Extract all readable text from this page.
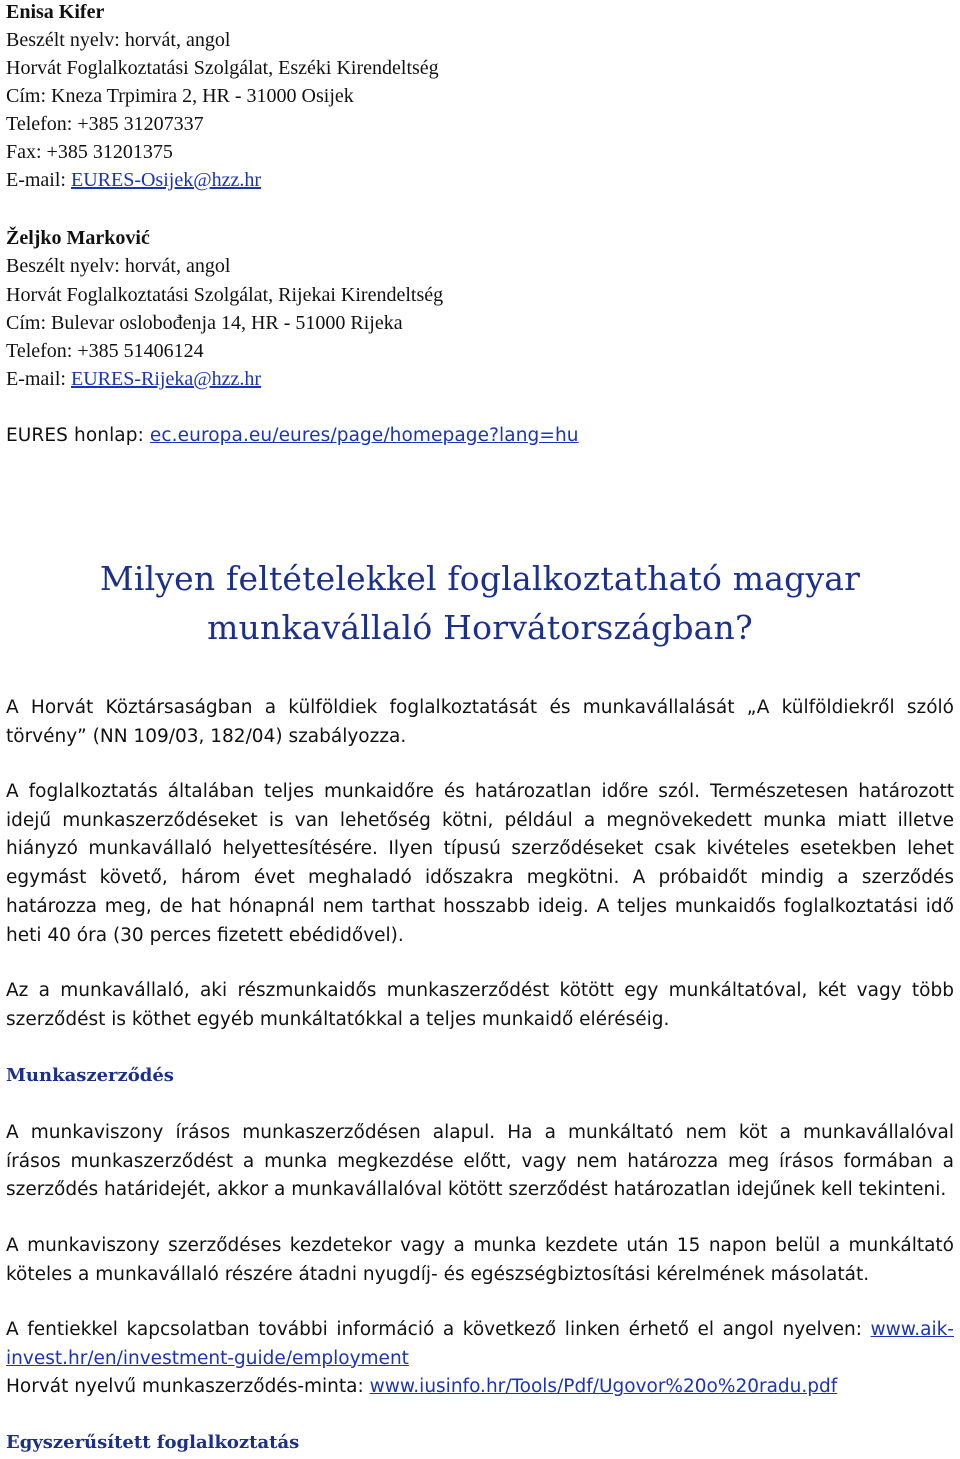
Enisa Kifer
Beszélt nyelv: horvát, angol
Horvát Foglalkoztatási Szolgálat, Eszéki Kirendeltség
Cím: Kneza Trpimira 2, HR - 31000 Osijek
Telefon: +385 31207337
Fax: +385 31201375
E-mail: EURES-Osijek@hzz.hr
Željko Marković
Beszélt nyelv: horvát, angol
Horvát Foglalkoztatási Szolgálat, Rijekai Kirendeltség
Cím: Bulevar oslobođenja 14, HR - 51000 Rijeka
Telefon: +385 51406124
E-mail: EURES-Rijeka@hzz.hr
EURES honlap: ec.europa.eu/eures/page/homepage?lang=hu
Milyen feltételekkel foglalkoztatható magyar
munkavállaló Horvátországban?
A Horvát Köztársaságban a külföldiek foglalkoztatását és munkavállalását „A külföldiekről szóló
törvény” (NN 109/03, 182/04) szabályozza.
A foglalkoztatás általában teljes munkaidőre és határozatlan időre szól. Természetesen határozott
idejű munkaszerződéseket is van lehetőség kötni, például a megnövekedett munka miatt illetve
hiányzó munkavállaló helyettesítésére. Ilyen típusú szerződéseket csak kivételes esetekben lehet
egymást követő, három évet meghaladó időszakra megkötni. A próbaidőt mindig a szerződés
határozza meg, de hat hónapnál nem tarthat hosszabb ideig. A teljes munkaidős foglalkoztatási idő
heti 40 óra (30 perces fizetett ebédidővel).
Az a munkavállaló, aki részmunkaidős munkaszerződést kötött egy munkáltatóval, két vagy több
szerződést is köthet egyéb munkáltatókkal a teljes munkaidő eléréséig.
Munkaszerződés
A munkaviszony írásos munkaszerződésen alapul. Ha a munkáltató nem köt a munkavállalóval
írásos munkaszerződést a munka megkezdése előtt, vagy nem határozza meg írásos formában a
szerződés határidejét, akkor a munkavállalóval kötött szerződést határozatlan idejűnek kell tekinteni.
A munkaviszony szerződéses kezdetekor vagy a munka kezdete után 15 napon belül a munkáltató
köteles a munkavállaló részére átadni nyugdíj- és egészségbiztosítási kérelmének másolatát.
A fentiekkel kapcsolatban további információ a következő linken érhető el angol nyelven: www.aik-
invest.hr/en/investment-guide/employment
Horvát nyelvű munkaszerződés-minta: www.iusinfo.hr/Tools/Pdf/Ugovor%20o%20radu.pdf
Egyszerűsített foglalkoztatás
